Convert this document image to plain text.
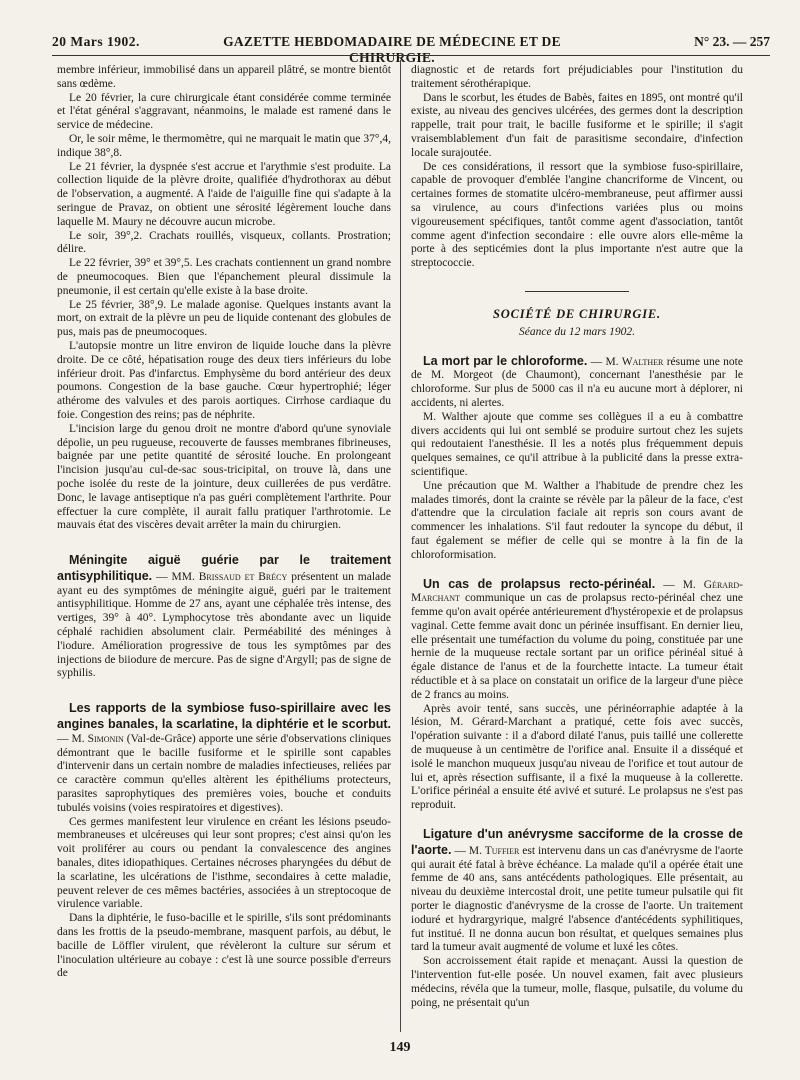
20 Mars 1902.	GAZETTE HEBDOMADAIRE DE MÉDECINE ET DE CHIRURGIE.
N° 23. — 257

membre inférieur, immobilisé dans un appareil plâtré, se montre bientôt sans œdème.

Le 20 février, la cure chirurgicale étant considérée comme terminée et l'état général s'aggravant, néanmoins, le malade est ramené dans le service de médecine.

Or, le soir même, le thermomètre, qui ne marquait le matin que 37°,4, indique 38°,8.

Le 21 février, la dyspnée s'est accrue et l'arythmie s'est produite. La collection liquide de la plèvre droite, qualifiée d'hydrothorax au début de l'observation, a augmenté. A l'aide de l'aiguille fine qui s'adapte à la seringue de Pravaz, on obtient une sérosité légèrement louche dans laquelle M. Maury ne découvre aucun microbe.

Le soir, 39°,2. Crachats rouillés, visqueux, collants. Prostration; délire.

Le 22 février, 39° et 39°,5. Les crachats contiennent un grand nombre de pneumocoques. Bien que l'épanchement pleural dissimule la pneumonie, il est certain qu'elle existe à la base droite.

Le 25 février, 38°,9. Le malade agonise. Quelques instants avant la mort, on extrait de la plèvre un peu de liquide contenant des globules de pus, mais pas de pneumocoques.

L'autopsie montre un litre environ de liquide louche dans la plèvre droite. De ce côté, hépatisation rouge des deux tiers inférieurs du lobe inférieur droit. Pas d'infarctus. Emphysème du bord antérieur des deux poumons. Congestion de la base gauche. Cœur hypertrophié; léger athérome des valvules et des parois aortiques. Cirrhose cardiaque du foie. Congestion des reins; pas de néphrite.

L'incision large du genou droit ne montre d'abord qu'une synoviale dépolie, un peu rugueuse, recouverte de fausses membranes fibrineuses, baignée par une petite quantité de sérosité louche. En prolongeant l'incision jusqu'au cul-de-sac sous-tricipital, on trouve là, dans une poche isolée du reste de la jointure, deux cuillerées de pus verdâtre. Donc, le lavage antiseptique n'a pas guéri complètement l'arthrite. Pour effectuer la cure complète, il aurait fallu pratiquer l'arthrotomie. Le mauvais état des viscères devait arrêter la main du chirurgien.

Méningite aiguë guérie par le traitement antisyphilitique. — MM. Brissaud et Brécy présentent un malade ayant eu des symptômes de méningite aiguë, guéri par le traitement antisyphilitique. Homme de 27 ans, ayant une céphalée très intense, des vertiges, 39° à 40°. Lymphocytose très abondante avec un liquide céphalé rachidien absolument clair. Perméabilité des méninges à l'iodure. Amélioration progressive de tous les symptômes par des injections de biiodure de mercure. Pas de signe d'Argyll; pas de signe de syphilis.

Les rapports de la symbiose fuso-spirillaire avec les angines banales, la scarlatine, la diphtérie et le scorbut. — M. Simonin (Val-de-Grâce) apporte une série d'observations cliniques démontrant que le bacille fusiforme et le spirille sont capables d'intervenir dans un certain nombre de maladies infectieuses, reliées par ce caractère commun qu'elles altèrent les épithéliums protecteurs, parasites saprophytiques des premières voies, bouche et conduits tubulés voisins (voies respiratoires et digestives).

Ces germes manifestent leur virulence en créant les lésions pseudo-membraneuses et ulcéreuses qui leur sont propres; c'est ainsi qu'on les voit proliférer au cours ou pendant la convalescence des angines banales, dites idiopathiques. Certaines nécroses pharyngées du début de la scarlatine, les ulcérations de l'isthme, secondaires à cette maladie, peuvent relever de ces mêmes bactéries, associées à un streptocoque de virulence variable.

Dans la diphtérie, le fuso-bacille et le spirille, s'ils sont prédominants dans les frottis de la pseudo-membrane, masquent parfois, au début, le bacille de Löffler virulent, que révèleront la culture sur sérum et l'inoculation ultérieure au cobaye : c'est là une source possible d'erreurs de

diagnostic et de retards fort préjudiciables pour l'institution du traitement sérothérapique.

Dans le scorbut, les études de Babès, faites en 1895, ont montré qu'il existe, au niveau des gencives ulcérées, des germes dont la description rappelle, trait pour trait, le bacille fusiforme et le spirille; il s'agit vraisemblablement d'un fait de parasitisme secondaire, d'infection locale surajoutée.

De ces considérations, il ressort que la symbiose fuso-spirillaire, capable de provoquer d'emblée l'angine chancriforme de Vincent, ou certaines formes de stomatite ulcéro-membraneuse, peut affirmer aussi sa virulence, au cours d'infections variées plus ou moins vigoureusement spécifiques, tantôt comme agent d'association, tantôt comme agent d'infection secondaire : elle ouvre alors elle-même la porte à des septicémies dont la plus importante n'est autre que la streptococcie.

SOCIÉTÉ DE CHIRURGIE.
Séance du 12 mars 1902.

La mort par le chloroforme. — M. Walther résume une note de M. Morgeot (de Chaumont), concernant l'anesthésie par le chloroforme. Sur plus de 5000 cas il n'a eu aucune mort à déplorer, ni accidents, ni alertes.

M. Walther ajoute que comme ses collègues il a eu à combattre divers accidents qui lui ont semblé se produire surtout chez les sujets qui redoutaient l'anesthésie. Il les a notés plus fréquemment depuis quelques semaines, ce qu'il attribue à la publicité dans la presse extra-scientifique.

Une précaution que M. Walther a l'habitude de prendre chez les malades timorés, dont la crainte se révèle par la pâleur de la face, c'est d'attendre que la circulation faciale ait repris son cours avant de commencer les inhalations. S'il faut redouter la syncope du début, il faut également se méfier de celle qui se montre à la fin de la chloroformisation.

Un cas de prolapsus recto-périnéal. — M. Gérard-Marchant communique un cas de prolapsus recto-périnéal chez une femme qu'on avait opérée antérieurement d'hystéropexie et de prolapsus vaginal. Cette femme avait donc un périnée insuffisant. En dernier lieu, elle présentait une tuméfaction du volume du poing, constituée par une hernie de la muqueuse rectale sortant par un orifice périnéal situé à égale distance de l'anus et de la fourchette intacte. La tumeur était réductible et à sa place on constatait un orifice de la largeur d'une pièce de 2 francs au moins.

Après avoir tenté, sans succès, une périnéorraphie adaptée à la lésion, M. Gérard-Marchant a pratiqué, cette fois avec succès, l'opération suivante : il a d'abord dilaté l'anus, puis taillé une collerette de muqueuse à un centimètre de l'orifice anal. Ensuite il a disséqué et isolé le manchon muqueux jusqu'au niveau de l'orifice et tout autour de lui et, après résection suffisante, il a fixé la muqueuse à la collerette. L'orifice périnéal a ensuite été avivé et suturé. Le prolapsus ne s'est pas reproduit.

Ligature d'un anévrysme sacciforme de la crosse de l'aorte. — M. Tuffier est intervenu dans un cas d'anévrysme de l'aorte qui aurait été fatal à brève échéance. La malade qu'il a opérée était une femme de 40 ans, sans antécédents pathologiques. Elle présentait, au niveau du deuxième intercostal droit, une petite tumeur pulsatile qui fit porter le diagnostic d'anévrysme de la crosse de l'aorte. Un traitement ioduré et hydrargyrique, malgré l'absence d'antécédents syphilitiques, fut institué. Il ne donna aucun bon résultat, et quelques semaines plus tard la tumeur avait augmenté de volume et luxé les côtes.

Son accroissement était rapide et menaçant. Aussi la question de l'intervention fut-elle posée. Un nouvel examen, fait avec plusieurs médecins, révéla que la tumeur, molle, flasque, pulsatile, du volume du poing, ne présentait qu'un

149
